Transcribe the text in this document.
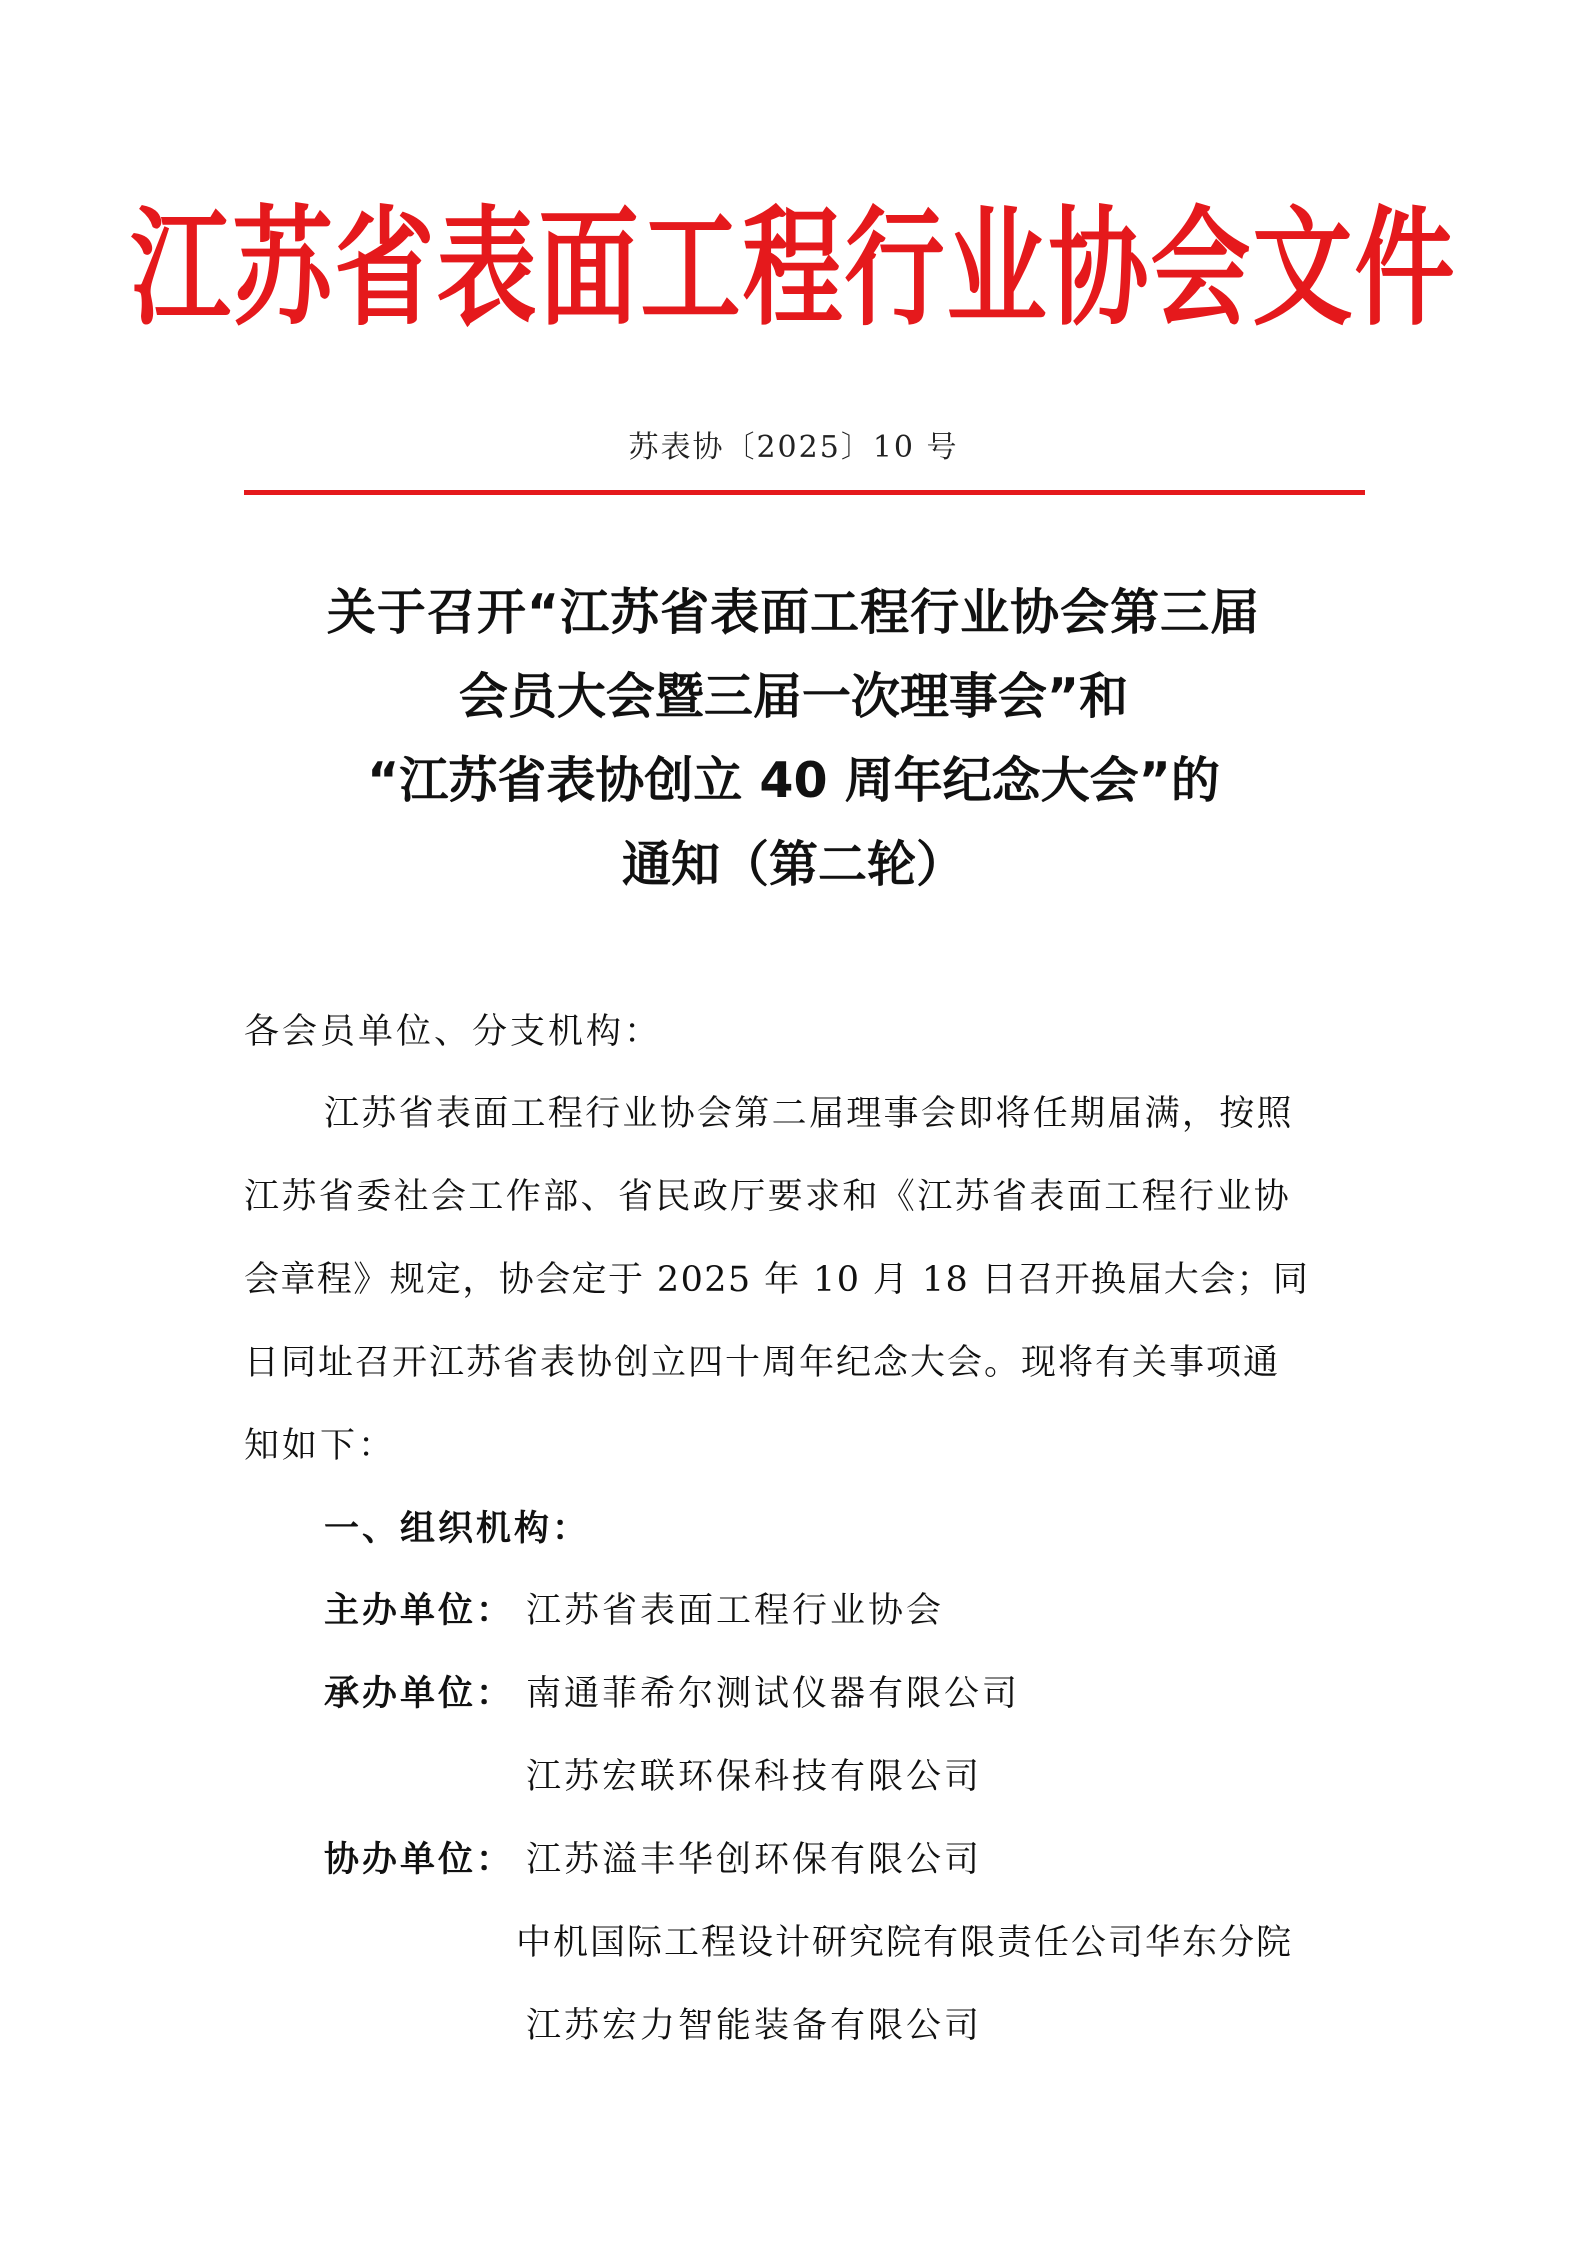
江苏省表面工程行业协会文件
苏表协〔2025〕10 号
关于召开“江苏省表面工程行业协会第三届
会员大会暨三届一次理事会”和
“江苏省表协创立 40 周年纪念大会”的
通知（第二轮）
各会员单位、分支机构：
江苏省表面工程行业协会第二届理事会即将任期届满，按照
江苏省委社会工作部、省民政厅要求和《江苏省表面工程行业协
会章程》规定，协会定于 2025 年 10 月 18 日召开换届大会；同
日同址召开江苏省表协创立四十周年纪念大会。现将有关事项通
知如下：
一、组织机构：
主办单位： 江苏省表面工程行业协会
承办单位： 南通菲希尔测试仪器有限公司
江苏宏联环保科技有限公司
协办单位： 江苏溢丰华创环保有限公司
中机国际工程设计研究院有限责任公司华东分院
江苏宏力智能装备有限公司
